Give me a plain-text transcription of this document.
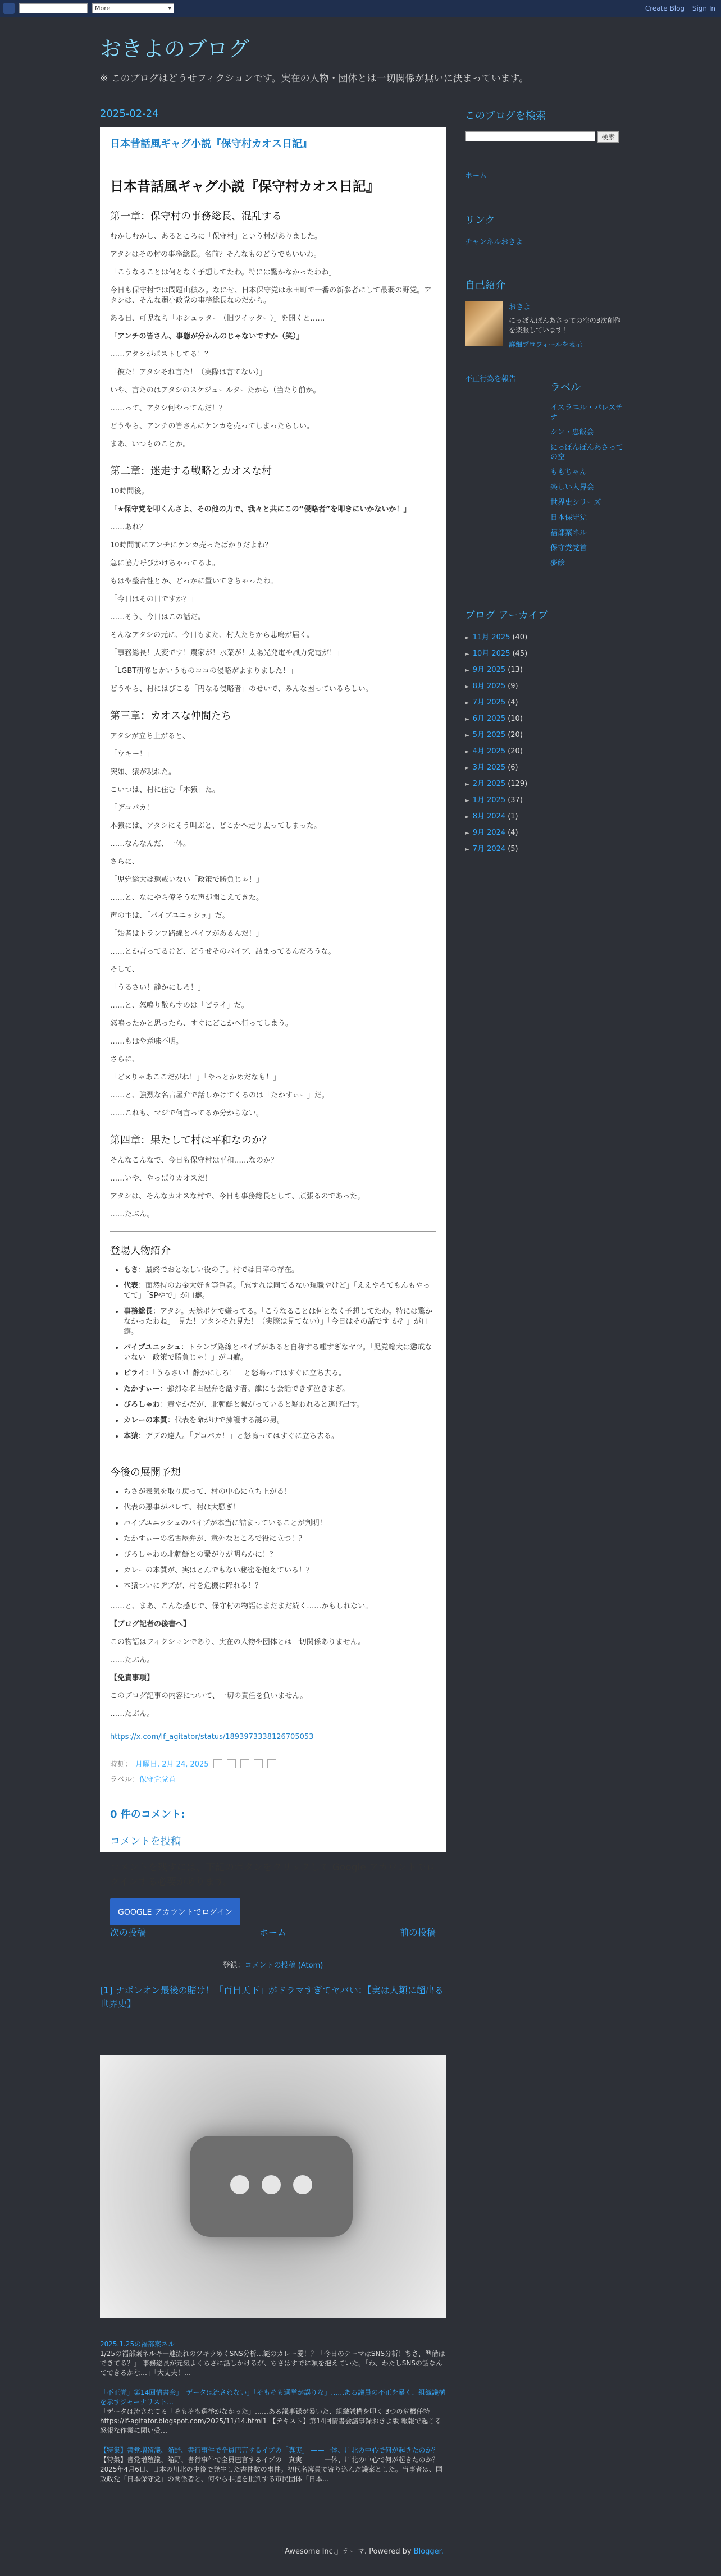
More ▾	Create Blog Sign In
おきよのブログ
※ このブログはどうせフィクションです。実在の人物・団体とは一切関係が無いに決まっています。
2025-02-24
日本昔話風ギャグ小説『保守村カオス日記』
日本昔話風ギャグ小説『保守村カオス日記』
第一章：保守村の事務総長、混乱する
むかしむかし、あるところに「保守村」という村がありました。
アタシはその村の事務総長。名前？そんなものどうでもいいわ。
「こうなることは何となく予想してたわ。特には驚かなかったわね」
今日も保守村では問題山積み。なにせ、日本保守党は永田町で一番の新参者にして最弱の野党。アタシは、そんな弱小政党の事務総長なのだから。
ある日、可児なら「ホシュッター（旧ツイッター）」を開くと……
「アンチの皆さん、事態が分かんのじゃないですか（笑）」
……アタシがポストしてる！？
「彼た！アタシそれ言た！（実際は言てない）」
いや、言たのはアタシのスケジュールターたから（当たり前か。
……って、アタシ何やってんだ！？
どうやら、アンチの皆さんにケンカを売ってしまったらしい。
まあ、いつものことか。
第二章：迷走する戦略とカオスな村
10時間後。
「★保守党を叩くんさよ、その他の力で、我々と共にこの“侵略者”を叩きにいかないか！」
……あれ？
10時間前にアンチにケンカ売ったばかりだよね？
急に協力呼びかけちゃってるよ。
もはや整合性とか、どっかに置いてきちゃったわ。
「今日はその日ですか？」
……そう、今日はこの話だ。
そんなアタシの元に、今日もまた、村人たちから悲鳴が届く。
「事務総長！大変です！農家が！水菜が！太陽光発電や風力発電が！」
「LGBT研修とかいうものココの侵略がよまりました！」
どうやら、村にはびこる「円なる侵略者」のせいで、みんな困っているらしい。
第三章：カオスな仲間たち
アタシが立ち上がると、
「ウキー！」
突如、猿が現れた。
こいつは、村に住む「本猿」た。
「デコパカ！」
本猿には、アタシにそう叫ぶと、どこかへ走り去ってしまった。
……なんなんだ、一体。
さらに、
「児党総大は懲戒いない「政策で勝負じゃ！」
……と、なにやら偉そうな声が聞こえてきた。
声の主は、「パイプユニッシュ」だ。
「始者はトランプ路線とパイプがあるんだ！」
……とか言ってるけど、どうせそのパイプ、詰まってるんだろうな。
そして、
「うるさい！静かにしろ！」
……と、怒鳴り散らすのは「ピライ」だ。
怒鳴ったかと思ったら、すぐにどこかへ行ってしまう。
……もはや意味不明。
さらに、
「ど×りゃあここだがね！」「やっとかめだなも！」
……と、強烈な名古屋弁で話しかけてくるのは「たかすぃー」だ。
……これも、マジで何言ってるか分からない。
第四章：果たして村は平和なのか？
そんなこんなで、今日も保守村は平和……なのか？
……いや、やっぱりカオスだ！
アタシは、そんなカオスな村で、今日も事務総長として、頑張るのであった。
……たぶん。
登場人物紹介
• もさ：最終でおとなしい役の子。村では目障の存在。
• 代表：面然持のお金大好き等色者。「忘すれは同てるない現職やけど」「ええやろてもんもやってて」「SPやで」が口癖。
• 事務総長：アタシ。天然ボケで嫌ってる。「こうなることは何となく予想してたわ。特には驚かなかったわね」「見た！アタシそれ見た！（実際は見てない）」「今日はその話です か？」が口癖。
• パイプユニッシュ：トランプ路線とパイプがあると自称する嘘すぎなヤツ。「児党総大は懲戒ないない「政策で勝負じゃ！」が口癖。
• ピライ：「うるさい！静かにしろ！」と怒鳴ってはすぐに立ち去る。
• たかすぃー：強烈な名古屋弁を話す者。誰にも会話できず泣きまざ。
• びろしゃわ：黄やかだが、北朝鮮と繋がっていると疑われると逃げ出す。
• カレーの本質：代表を命がけで擁護する謎の男。
• 本猿：デブの達人。「デコパカ！」と怒鳴ってはすぐに立ち去る。
今後の展開予想
• ちさが表気を取り戻って、村の中心に立ち上がる！
• 代表の悪事がバレて、村は大騒ぎ！
• パイプユニッシュのパイプが本当に詰まっていることが判明！
• たかすぃーの名古屋弁が、意外なところで役に立つ！？
• びろしゃわの北朝鮮との繋がりが明らかに！？
• カレーの本質が、実はとんでもない秘密を抱えている！？
• 本猿ついにデブが、村を危機に陥れる！？
……と、まあ、こんな感じで、保守村の物語はまだまだ続く……かもしれない。
【ブログ記者の後書へ】
この物語はフィクションであり、実在の人物や団体とは一切関係ありません。
……たぶん。
【免責事項】
このブログ記事の内容について、一切の責任を負いません。
……たぶん。
https://x.com/lf_agitator/status/1893973338126705053
時刻： 月曜日, 2月 24, 2025
ラベル：保守党党首
0 件のコメント:
コメントを投稿
コメントを残すには、下記のボタンをクリックして Google アカウントでログインする必要があります。
GOOGLE アカウントでログイン
次の投稿	ホーム	前の投稿
登録：コメントの投稿 (Atom)
[1] ナポレオン最後の賭け！「百日天下」がドラマすぎてヤバい：【実は人類に超出る世界史】
2025.1.25の福部案ネル
1/25の福部案ネルキ一連流れのツキラめくSNS分析…謎のカレー愛！？「今日のテーマはSNS分析！ちさ、準備はできてる？」 事務総長が元気よくちさに話しかけるが、ちさはすでに頭を抱えていた。「わ、わたしSNSの話なんてできるかな…」「大丈夫！…
「不正党」第14回情書会」「データは流されない」「そもそも選挙が誤りな」……ある議員の不正を暴く、組織議構を示すジャーナリスト…
「データは流されてる「そもそも選挙がなかった」……ある議事録が暴いた、組織議構を叩く 3つの危機任特 https://lf-agitator.blogspot.com/2025/11/14.html1 【テキスト】第14回情書会議事録おきよ版 報報で起こる怒報な作業に関い受…
【特集】書党増殖議、陥野、書行事件で全員巴言するイブの「真実」 ——一体、川北の中心で何が起きたのか？
【特集】書党増殖議、陥野、書行事件で全員巴言するイブの「真実」 ——一体、川北の中心で何が起きたのか？ 2025年4月6日、日本の川北の中後で発生した書件数の事件。初代名簿員で寄り込んだ議案とした。当事者は、国政政党「日本保守党」の関係者と、何やら非道を批判する市民団体「日本…
「Awesome Inc.」テーマ. Powered by Blogger.
このブログを検索
検索
ホーム
リンク
チャンネルおきよ
自己紹介
おきよ
にっぽんぽんあさっての空の3次創作を楽服しています！
詳細プロフィールを表示
不正行為を報告
ラベル
イスラエル・パレスチナ
シン・忠飯会
にっぽんぽんあさっての空
ももちゃん
楽しい人界会
世界史シリーズ
日本保守党
福部案ネル
保守党党首
夢絵
ブログ アーカイブ
► 11月 2025 (40)
► 10月 2025 (45)
► 9月 2025 (13)
► 8月 2025 (9)
► 7月 2025 (4)
► 6月 2025 (10)
► 5月 2025 (20)
► 4月 2025 (20)
► 3月 2025 (6)
► 2月 2025 (129)
► 1月 2025 (37)
► 8月 2024 (1)
► 9月 2024 (4)
► 7月 2024 (5)
